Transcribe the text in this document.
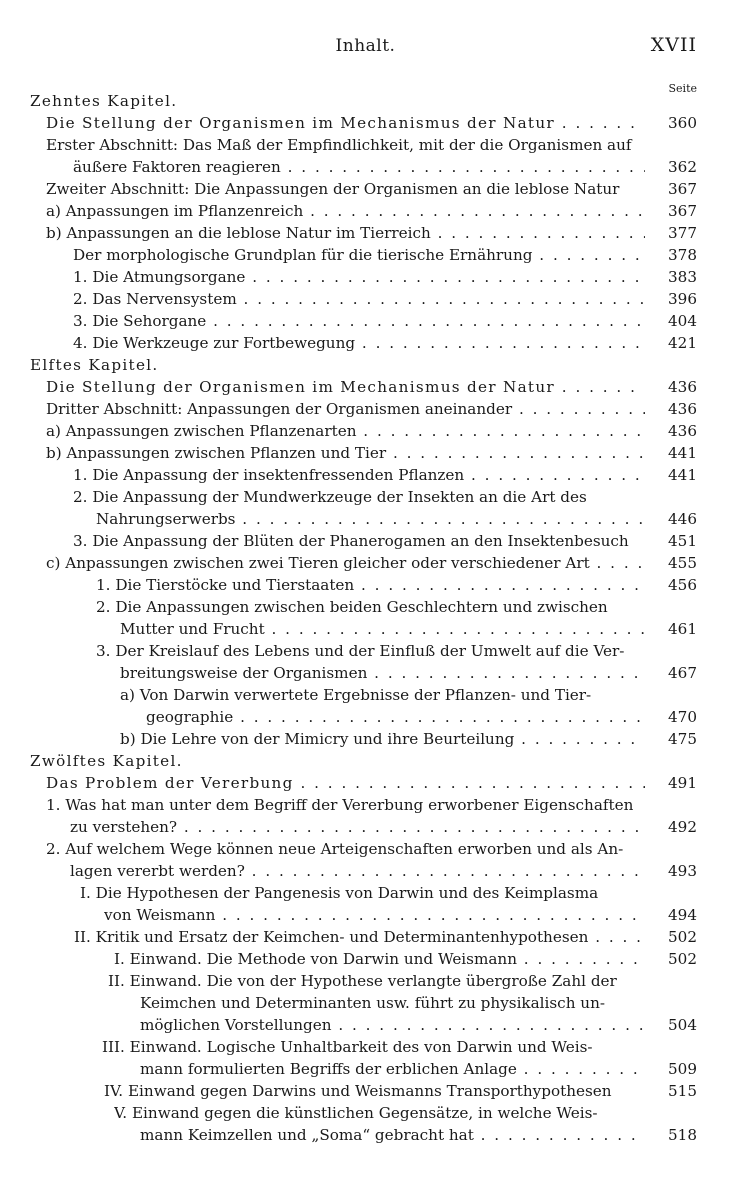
Inhalt.	XVII
Seite
Zehntes Kapitel.
Die Stellung der Organismen im Mechanismus der Natur . . .	360
Erster Abschnitt: Das Maß der Empfindlichkeit, mit der die Organismen auf
äußere Faktoren reagieren . . .	362
Zweiter Abschnitt: Die Anpassungen der Organismen an die leblose Natur	367
a) Anpassungen im Pflanzenreich . . .	367
b) Anpassungen an die leblose Natur im Tierreich . . .	377
Der morphologische Grundplan für die tierische Ernährung . . .	378
1. Die Atmungsorgane . . .	383
2. Das Nervensystem . . .	396
3. Die Sehorgane . . .	404
4. Die Werkzeuge zur Fortbewegung . . .	421
Elftes Kapitel.
Die Stellung der Organismen im Mechanismus der Natur . . .	436
Dritter Abschnitt: Anpassungen der Organismen aneinander . . .	436
a) Anpassungen zwischen Pflanzenarten . . .	436
b) Anpassungen zwischen Pflanzen und Tier . . .	441
1. Die Anpassung der insektenfressenden Pflanzen . . .	441
2. Die Anpassung der Mundwerkzeuge der Insekten an die Art des
Nahrungserwerbs . . .	446
3. Die Anpassung der Blüten der Phanerogamen an den Insektenbesuch	451
c) Anpassungen zwischen zwei Tieren gleicher oder verschiedener Art . . .	455
1. Die Tierstöcke und Tierstaaten . . .	456
2. Die Anpassungen zwischen beiden Geschlechtern und zwischen
Mutter und Frucht . . .	461
3. Der Kreislauf des Lebens und der Einfluß der Umwelt auf die Ver-
breitungsweise der Organismen . . .	467
a) Von Darwin verwertete Ergebnisse der Pflanzen- und Tier-
geographie . . .	470
b) Die Lehre von der Mimicry und ihre Beurteilung . . .	475
Zwölftes Kapitel.
Das Problem der Vererbung . . .	491
1. Was hat man unter dem Begriff der Vererbung erworbener Eigenschaften
zu verstehen? . . .	492
2. Auf welchem Wege können neue Arteigenschaften erworben und als An-
lagen vererbt werden? . . .	493
I. Die Hypothesen der Pangenesis von Darwin und des Keimplasma
von Weismann . . .	494
II. Kritik und Ersatz der Keimchen- und Determinantenhypothesen . . .	502
I. Einwand. Die Methode von Darwin und Weismann . . .	502
II. Einwand. Die von der Hypothese verlangte übergroße Zahl der
Keimchen und Determinanten usw. führt zu physikalisch un-
möglichen Vorstellungen . . .	504
III. Einwand. Logische Unhaltbarkeit des von Darwin und Weis-
mann formulierten Begriffs der erblichen Anlage . . .	509
IV. Einwand gegen Darwins und Weismanns Transporthypothesen	515
V. Einwand gegen die künstlichen Gegensätze, in welche Weis-
mann Keimzellen und „Soma“ gebracht hat . . .	518
